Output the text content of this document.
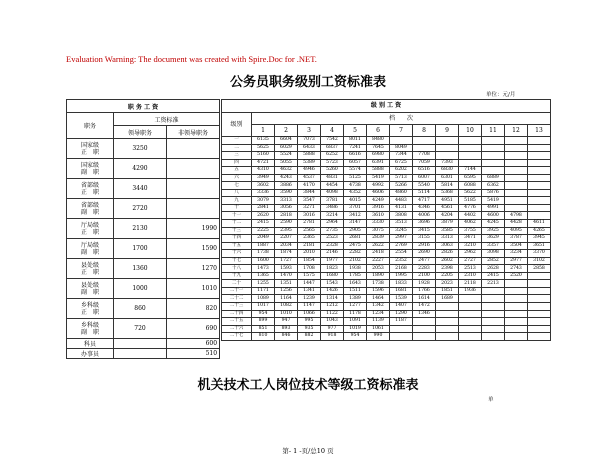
Evaluation Warning: The document was created with Spire.Doc for .NET.
公务员职务级别工资标准表
单位：元/月
职 务 工 资		
职务	工资标准	
	领导职务	非领导职务

国家级
正　职	3250	

国家级
副　职	4290	

省部级
正　职	3440	

省部级
副　职	2720	

厅局级
正　职	2130	1990

厅局级
副　职	1700	1590

县处级
正　职	1360	1270

县处级
副　职	1000	1010

乡科级
正　职	860	820

乡科级
副　职	720	690
科员		600
办事员		510
级 别 工 资													
级别	档　　次												
	1	2	3	4	5	6	7	8	9	10	11	12	13
一	6135	6604	7073	7542	8011	8480							
二	5625	6029	6433	6837	7241	7645	8049						
三	5160	5524	5888	6252	6616	6980	7344	7708					
四	4721	5055	5389	5723	6057	6391	6725	7059	7393				
五	4310	4632	4946	5260	5574	5888	6202	6516	6830	7144			
六	3949	4243	4537	4831	5125	5419	5713	6007	6301	6595	6889		
七	3602	3886	4170	4454	4738	4992	5266	5540	5814	6088	6362		
八	3336	3590	3844	4098	4352	4606	4860	5114	5368	5622	5876		
九	3079	3313	3547	3781	4015	4249	4483	4717	4951	5185	5419		
十	2841	3056	3271	3486	3701	3916	4131	4346	4561	4776	4991		
十一	2620	2818	3016	3214	3412	3610	3808	4006	4204	4402	4600	4798	
十二	2415	2590	2781	2964	3147	3330	3513	3696	3879	4062	4245	4428	4611
十三	2225	2395	2565	2735	2905	3075	3245	3415	3585	3755	3925	4095	4265
十四	2049	2207	2365	2523	2681	2839	2997	3155	3313	3471	3629	3787	3945
十五	1887	2034	2181	2328	2475	2622	2769	2916	3063	3210	3357	3504	3651
十六	1738	1874	2010	2146	2282	2418	2554	2690	2826	2962	3098	3234	3370
十七	1600	1727	1854	1977	2102	2227	2352	2477	2602	2727	2852	2977	3102
十八	1473	1593	1708	1823	1938	2053	2168	2283	2398	2513	2628	2743	2858
十九	1365	1470	1575	1680	1785	1890	1995	2100	2205	2310	2415	2520	
二十	1255	1351	1447	1543	1643	1738	1833	1928	2023	2118	2213		
二十一	1171	1256	1341	1426	1511	1596	1681	1766	1851	1936			
二十二	1089	1164	1239	1314	1389	1464	1539	1614	1689				
二十三	1017	1082	1147	1212	1277	1342	1407	1472					
二十四	954	1010	1066	1122	1178	1234	1290	1346					
二十五	899	947	995	1043	1091	1139	1187						
二十六	851	893	935	977	1019	1061							
二十七	810	846	882	918	954	990							
机关技术工人岗位技术等级工资标准表
单
第- 1 -页/总10 页
